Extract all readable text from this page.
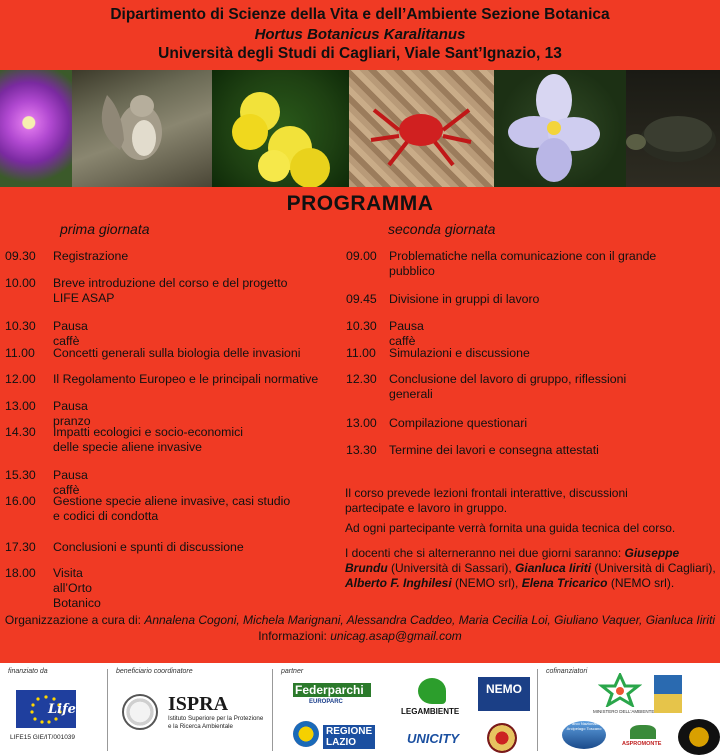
Dipartimento di Scienze della Vita e dell’Ambiente Sezione Botanica
Hortus Botanicus Karalitanus
Università degli Studi di Cagliari, Viale Sant’Ignazio, 13
PROGRAMMA
prima giornata
09.30	Registrazione
10.00	Breve introduzione del corso e del progetto
LIFE ASAP
10.30	Pausa caffè
11.00	Concetti generali sulla biologia delle invasioni
12.00	Il Regolamento Europeo e le principali normative
13.00	Pausa pranzo
14.30	Impatti ecologici e socio-economici
delle specie aliene invasive
15.30	Pausa caffè
16.00	Gestione specie aliene invasive, casi studio
e codici di condotta
17.30	Conclusioni e spunti di discussione
18.00	Visita all’Orto Botanico
seconda giornata
09.00 Problematiche nella comunicazione con il grande
pubblico
09.45 Divisione in gruppi di lavoro
10.30 Pausa caffè
11.00	Simulazioni e discussione
12.30 Conclusione del lavoro di gruppo, riflessioni
generali
13.00 Compilazione questionari
13.30 Termine dei lavori e consegna attestati
Il corso prevede lezioni frontali interattive, discussioni
partecipate e lavoro in gruppo.
Ad ogni partecipante verrà fornita una guida tecnica del corso.
I docenti che si alterneranno nei due giorni saranno: Giuseppe
Brundu (Università di Sassari), Gianluca Iiriti (Università di Cagliari),
Alberto F. Inghilesi (NEMO srl), Elena Tricarico (NEMO srl).
Organizzazione a cura di: Annalena Cogoni, Michela Marignani, Alessandra Caddeo, Maria Cecilia Loi, Giuliano Vaquer, Gianluca Iiriti
Informazioni: unicag.asap@gmail.com
finanziato da
Life
LIFE15 GIE/IT/001039
beneficiario coordinatore
ISPRA
Istituto Superiore per la Protezione
e la Ricerca Ambientale
partner
Federparchi
EUROPARC
REGIONE
LAZIO
LEGAMBIENTE
NEMO
UNICITY
cofinanziatori
MINISTERO DELL'AMBIENTE
Parco Nazionale Arcipelago Toscano
ASPROMONTE
